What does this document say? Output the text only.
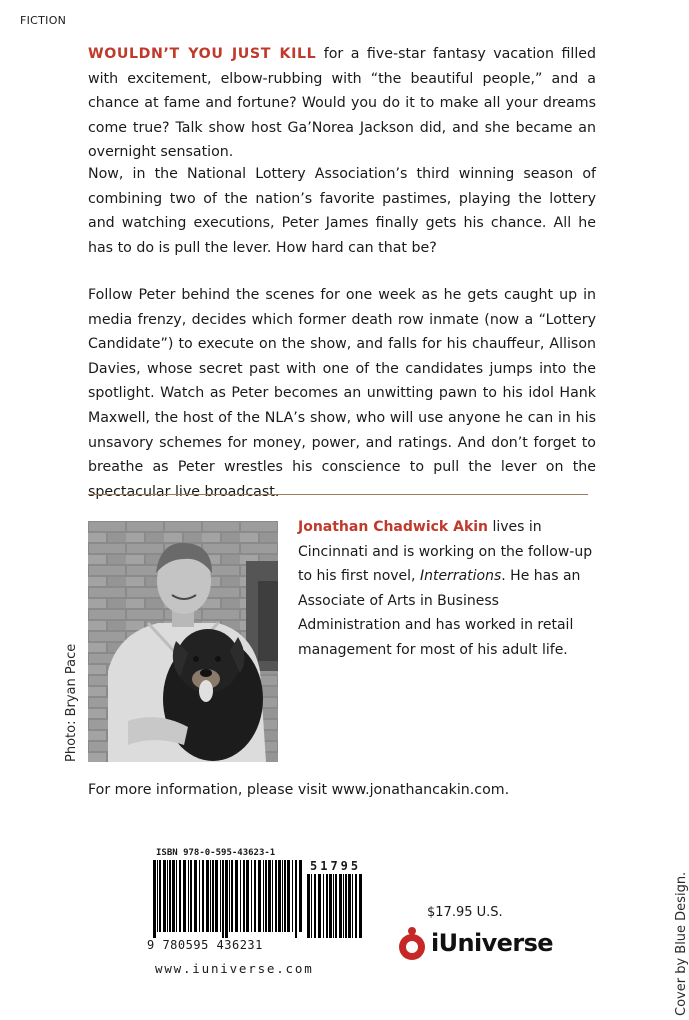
FICTION

WOULDN’T YOU JUST KILL for a five-star fantasy vacation filled with excitement, elbow-rubbing with “the beautiful people,” and a chance at fame and fortune? Would you do it to make all your dreams come true? Talk show host Ga’Norea Jackson did, and she became an overnight sensation.

Now, in the National Lottery Association’s third winning season of combining two of the nation’s favorite pastimes, playing the lottery and watching executions, Peter James finally gets his chance. All he has to do is pull the lever. How hard can that be?

Follow Peter behind the scenes for one week as he gets caught up in media frenzy, decides which former death row inmate (now a “Lottery Candidate”) to execute on the show, and falls for his chauffeur, Allison Davies, whose secret past with one of the candidates jumps into the spotlight. Watch as Peter becomes an unwitting pawn to his idol Hank Maxwell, the host of the NLA’s show, who will use anyone he can in his unsavory schemes for money, power, and ratings. And don’t forget to breathe as Peter wrestles his conscience to pull the lever on the spectacular live broadcast.

Photo: Bryan Pace
Jonathan Chadwick Akin lives in Cincinnati and is working on the follow-up to his first novel, Interrations. He has an Associate of Arts in Business Administration and has worked in retail management for most of his adult life.
For more information, please visit www.jonathancakin.com.
ISBN 978-0-595-43623-1
51795
9 780595 436231
www.iuniverse.com
$17.95 U.S.
iUniverse	Cover by Blue Design.
